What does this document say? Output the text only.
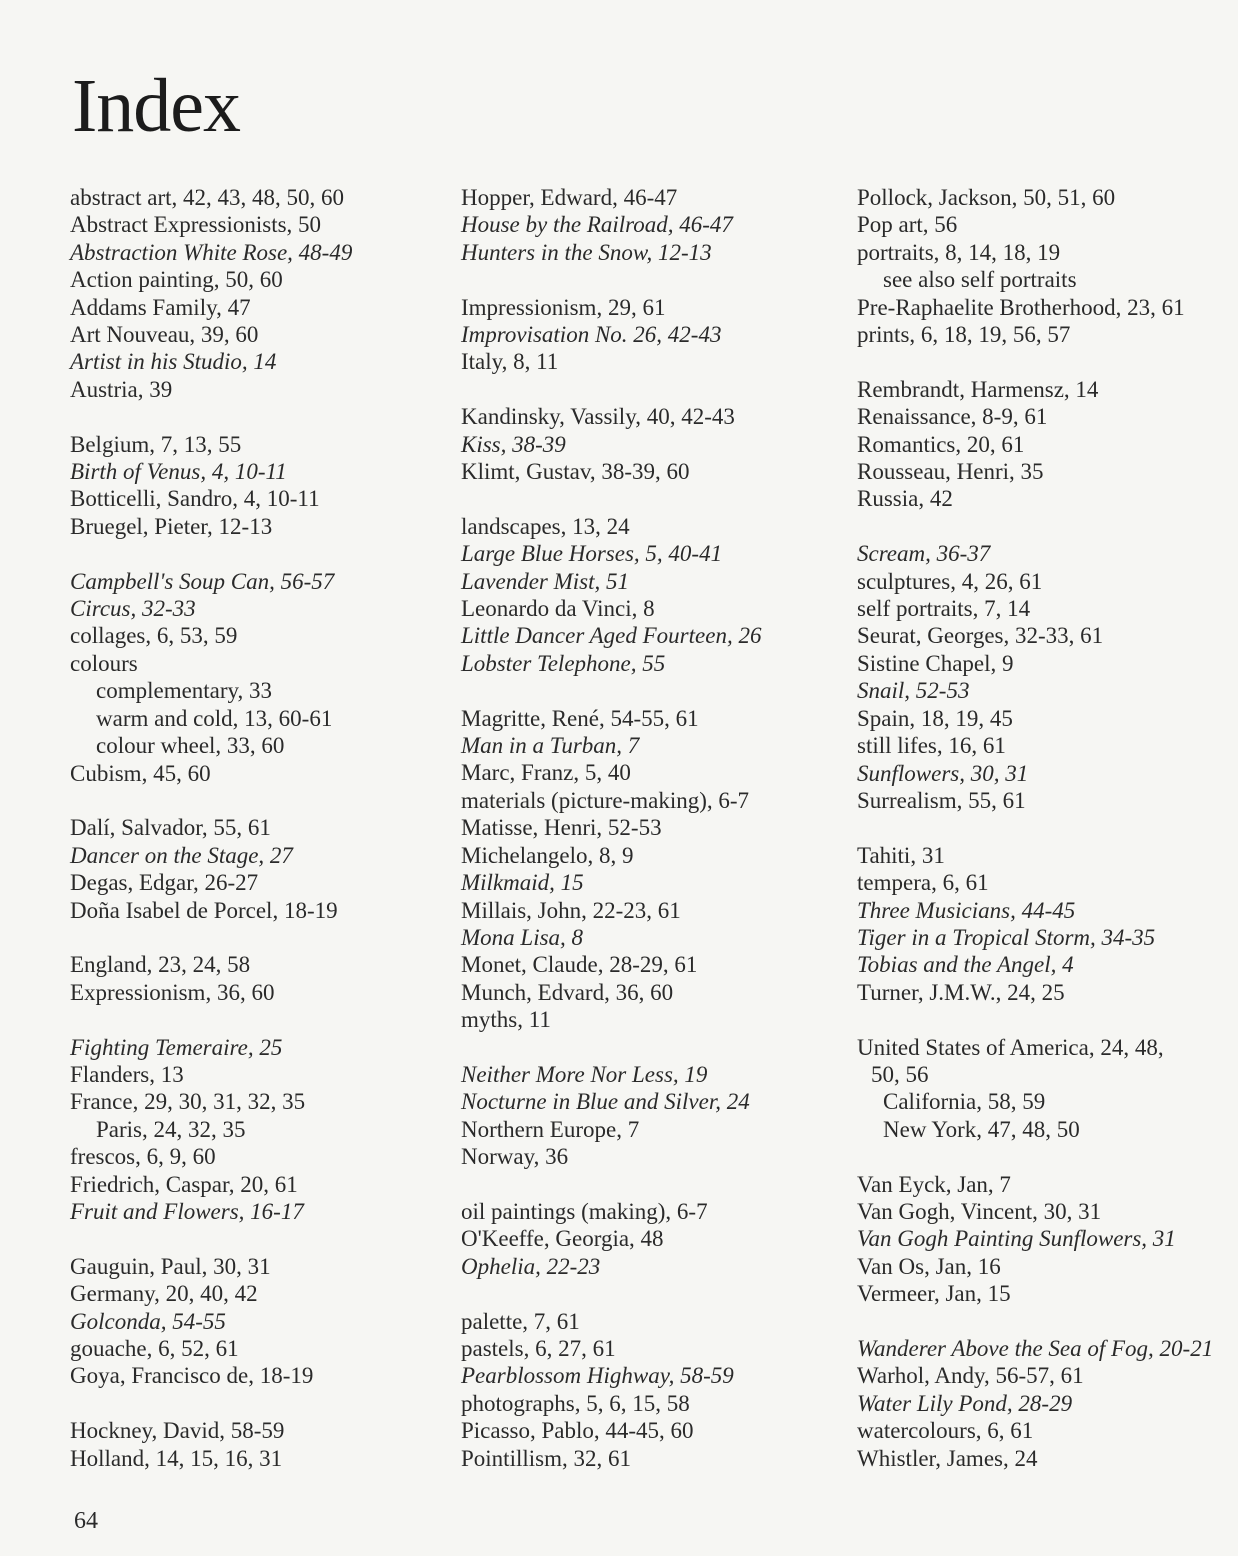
Index
abstract art, 42, 43, 48, 50, 60
Abstract Expressionists, 50
Abstraction White Rose, 48-49
Action painting, 50, 60
Addams Family, 47
Art Nouveau, 39, 60
Artist in his Studio, 14
Austria, 39
Belgium, 7, 13, 55
Birth of Venus, 4, 10-11
Botticelli, Sandro, 4, 10-11
Bruegel, Pieter, 12-13
Campbell's Soup Can, 56-57
Circus, 32-33
collages, 6, 53, 59
colours
complementary, 33
warm and cold, 13, 60-61
colour wheel, 33, 60
Cubism, 45, 60
Dalí, Salvador, 55, 61
Dancer on the Stage, 27
Degas, Edgar, 26-27
Doña Isabel de Porcel, 18-19
England, 23, 24, 58
Expressionism, 36, 60
Fighting Temeraire, 25
Flanders, 13
France, 29, 30, 31, 32, 35
Paris, 24, 32, 35
frescos, 6, 9, 60
Friedrich, Caspar, 20, 61
Fruit and Flowers, 16-17
Gauguin, Paul, 30, 31
Germany, 20, 40, 42
Golconda, 54-55
gouache, 6, 52, 61
Goya, Francisco de, 18-19
Hockney, David, 58-59
Holland, 14, 15, 16, 31
Hopper, Edward, 46-47
House by the Railroad, 46-47
Hunters in the Snow, 12-13
Impressionism, 29, 61
Improvisation No. 26, 42-43
Italy, 8, 11
Kandinsky, Vassily, 40, 42-43
Kiss, 38-39
Klimt, Gustav, 38-39, 60
landscapes, 13, 24
Large Blue Horses, 5, 40-41
Lavender Mist, 51
Leonardo da Vinci, 8
Little Dancer Aged Fourteen, 26
Lobster Telephone, 55
Magritte, René, 54-55, 61
Man in a Turban, 7
Marc, Franz, 5, 40
materials (picture-making), 6-7
Matisse, Henri, 52-53
Michelangelo, 8, 9
Milkmaid, 15
Millais, John, 22-23, 61
Mona Lisa, 8
Monet, Claude, 28-29, 61
Munch, Edvard, 36, 60
myths, 11
Neither More Nor Less, 19
Nocturne in Blue and Silver, 24
Northern Europe, 7
Norway, 36
oil paintings (making), 6-7
O'Keeffe, Georgia, 48
Ophelia, 22-23
palette, 7, 61
pastels, 6, 27, 61
Pearblossom Highway, 58-59
photographs, 5, 6, 15, 58
Picasso, Pablo, 44-45, 60
Pointillism, 32, 61
Pollock, Jackson, 50, 51, 60
Pop art, 56
portraits, 8, 14, 18, 19
see also self portraits
Pre-Raphaelite Brotherhood, 23, 61
prints, 6, 18, 19, 56, 57
Rembrandt, Harmensz, 14
Renaissance, 8-9, 61
Romantics, 20, 61
Rousseau, Henri, 35
Russia, 42
Scream, 36-37
sculptures, 4, 26, 61
self portraits, 7, 14
Seurat, Georges, 32-33, 61
Sistine Chapel, 9
Snail, 52-53
Spain, 18, 19, 45
still lifes, 16, 61
Sunflowers, 30, 31
Surrealism, 55, 61
Tahiti, 31
tempera, 6, 61
Three Musicians, 44-45
Tiger in a Tropical Storm, 34-35
Tobias and the Angel, 4
Turner, J.M.W., 24, 25
United States of America, 24, 48,
50, 56
California, 58, 59
New York, 47, 48, 50
Van Eyck, Jan, 7
Van Gogh, Vincent, 30, 31
Van Gogh Painting Sunflowers, 31
Van Os, Jan, 16
Vermeer, Jan, 15
Wanderer Above the Sea of Fog, 20-21
Warhol, Andy, 56-57, 61
Water Lily Pond, 28-29
watercolours, 6, 61
Whistler, James, 24
64
